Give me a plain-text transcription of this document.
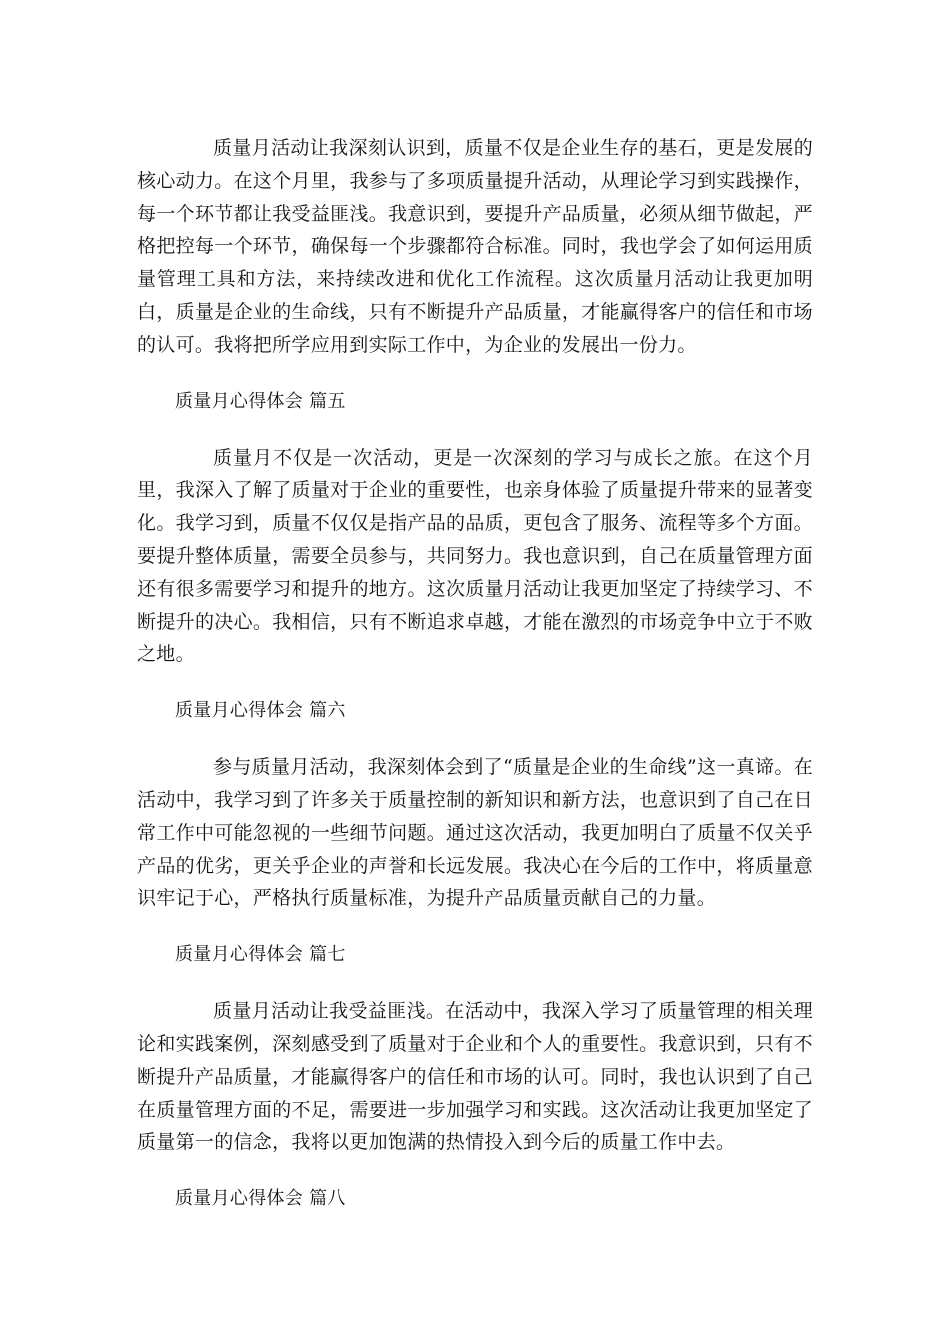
质量月活动让我深刻认识到，质量不仅是企业生存的基石，更是发展的核心动力。在这个月里，我参与了多项质量提升活动，从理论学习到实践操作，每一个环节都让我受益匪浅。我意识到，要提升产品质量，必须从细节做起，严格把控每一个环节，确保每一个步骤都符合标准。同时，我也学会了如何运用质量管理工具和方法，来持续改进和优化工作流程。这次质量月活动让我更加明白，质量是企业的生命线，只有不断提升产品质量，才能赢得客户的信任和市场的认可。我将把所学应用到实际工作中，为企业的发展出一份力。

质量月心得体会 篇五

质量月不仅是一次活动，更是一次深刻的学习与成长之旅。在这个月里，我深入了解了质量对于企业的重要性，也亲身体验了质量提升带来的显著变化。我学习到，质量不仅仅是指产品的品质，更包含了服务、流程等多个方面。要提升整体质量，需要全员参与，共同努力。我也意识到，自己在质量管理方面还有很多需要学习和提升的地方。这次质量月活动让我更加坚定了持续学习、不断提升的决心。我相信，只有不断追求卓越，才能在激烈的市场竞争中立于不败之地。

质量月心得体会 篇六

参与质量月活动，我深刻体会到了“质量是企业的生命线”这一真谛。在活动中，我学习到了许多关于质量控制的新知识和新方法，也意识到了自己在日常工作中可能忽视的一些细节问题。通过这次活动，我更加明白了质量不仅关乎产品的优劣，更关乎企业的声誉和长远发展。我决心在今后的工作中，将质量意识牢记于心，严格执行质量标准，为提升产品质量贡献自己的力量。

质量月心得体会 篇七

质量月活动让我受益匪浅。在活动中，我深入学习了质量管理的相关理论和实践案例，深刻感受到了质量对于企业和个人的重要性。我意识到，只有不断提升产品质量，才能赢得客户的信任和市场的认可。同时，我也认识到了自己在质量管理方面的不足，需要进一步加强学习和实践。这次活动让我更加坚定了质量第一的信念，我将以更加饱满的热情投入到今后的质量工作中去。

质量月心得体会 篇八
